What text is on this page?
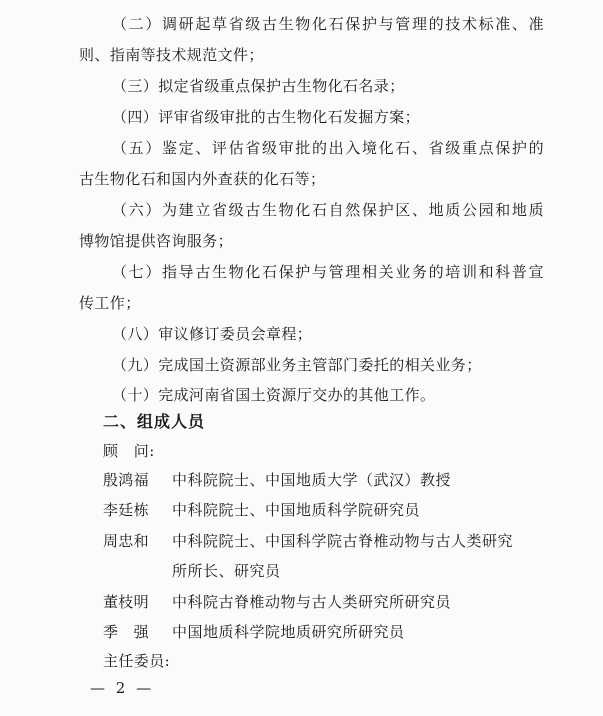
（二）调研起草省级古生物化石保护与管理的技术标准、准
则、指南等技术规范文件；
（三）拟定省级重点保护古生物化石名录；
（四）评审省级审批的古生物化石发掘方案；
（五）鉴定、评估省级审批的出入境化石、省级重点保护的
古生物化石和国内外查获的化石等；
（六）为建立省级古生物化石自然保护区、地质公园和地质
博物馆提供咨询服务；
（七）指导古生物化石保护与管理相关业务的培训和科普宣
传工作；
（八）审议修订委员会章程；
（九）完成国土资源部业务主管部门委托的相关业务；
（十）完成河南省国土资源厅交办的其他工作。
二、组成人员
顾　问:
殷鸿福	中科院院士、中国地质大学（武汉）教授
李廷栋	中科院院士、中国地质科学院研究员
周忠和	中科院院士、中国科学院古脊椎动物与古人类研究
所所长、研究员
董枝明	中科院古脊椎动物与古人类研究所研究员
季　强	中国地质科学院地质研究所研究员
主任委员:
— 2 —
